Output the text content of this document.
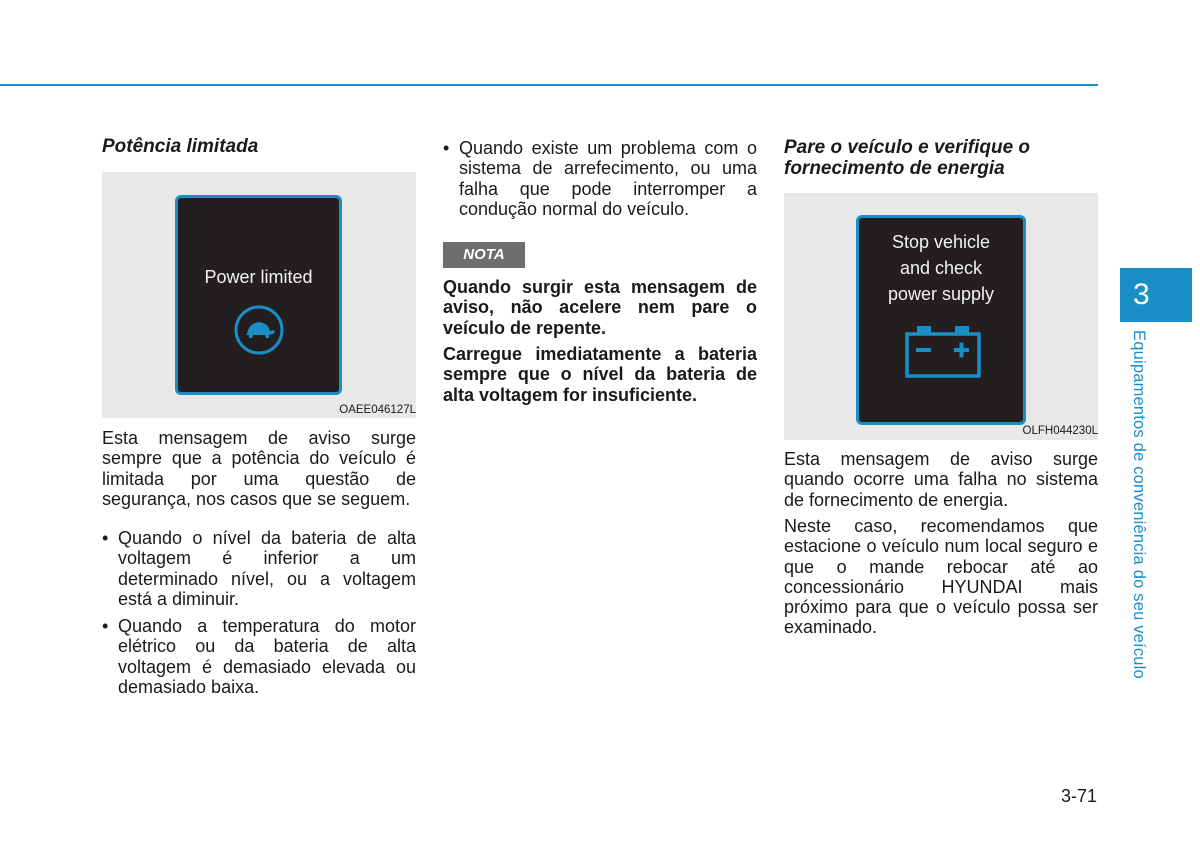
Potência limitada
Power limited
OAEE046127L

Esta mensagem de aviso surge sempre que a potência do veículo é limitada por uma questão de segurança, nos casos que se seguem.

• Quando o nível da bateria de alta voltagem é inferior a um determinado nível, ou a voltagem está a diminuir.
• Quando a temperatura do motor elétrico ou da bateria de alta voltagem é demasiado elevada ou demasiado baixa.
• Quando existe um problema com o sistema de arrefecimento, ou uma falha que pode interromper a condução normal do veículo.
NOTA

Quando surgir esta mensagem de aviso, não acelere nem pare o veículo de repente.

Carregue imediatamente a bateria sempre que o nível da bateria de alta voltagem for insuficiente.

Pare o veículo e verifique o fornecimento de energia
Stop vehicle
and check
power supply
OLFH044230L

Esta mensagem de aviso surge quando ocorre uma falha no sistema de fornecimento de energia.

Neste caso, recomendamos que estacione o veículo num local seguro e que o mande rebocar até ao concessionário HYUNDAI mais próximo para que o veículo possa ser examinado.

3
Equipamentos de conveniência do seu veículo
3-71
